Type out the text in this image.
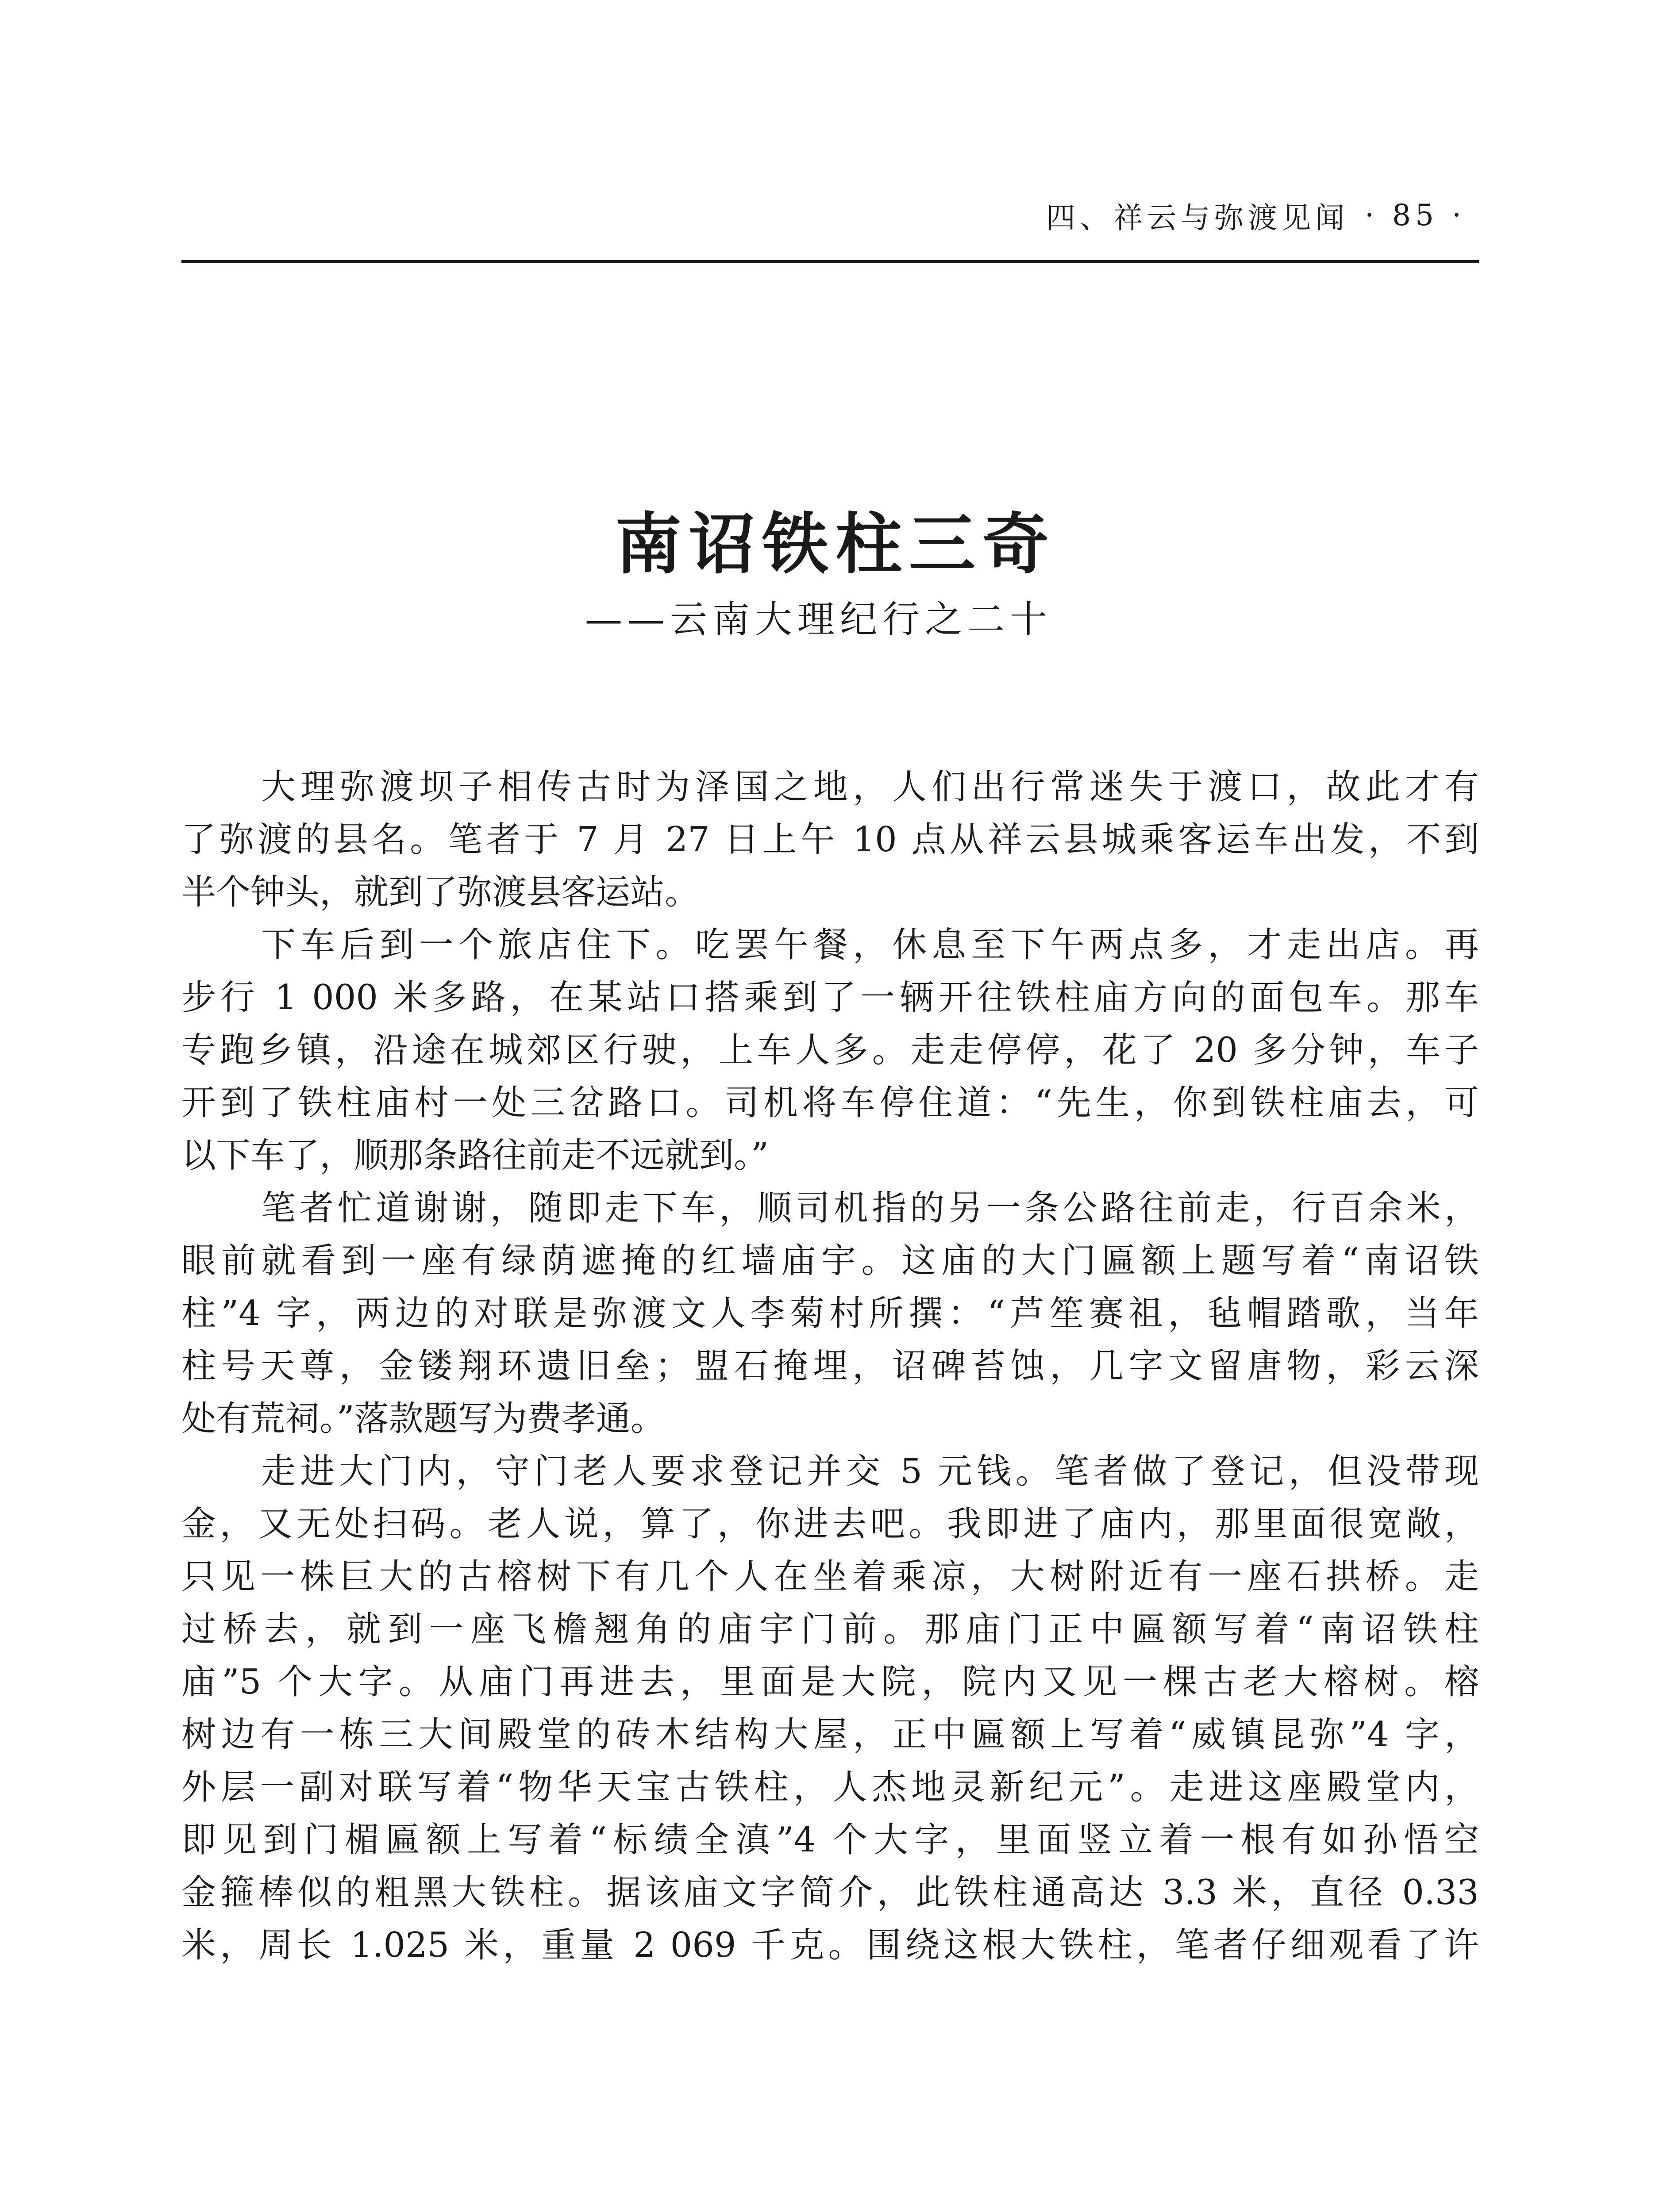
四、祥云与弥渡见闻 · 85 ·
南诏铁柱三奇
——云南大理纪行之二十
大理弥渡坝子相传古时为泽国之地，人们出行常迷失于渡口，故此才有
了弥渡的县名。笔者于 7 月 27 日上午 10 点从祥云县城乘客运车出发，不到
半个钟头，就到了弥渡县客运站。
下车后到一个旅店住下。吃罢午餐，休息至下午两点多，才走出店。再
步行 1 000 米多路，在某站口搭乘到了一辆开往铁柱庙方向的面包车。那车
专跑乡镇，沿途在城郊区行驶，上车人多。走走停停，花了 20 多分钟，车子
开到了铁柱庙村一处三岔路口。司机将车停住道：“先生，你到铁柱庙去，可
以下车了，顺那条路往前走不远就到。”
笔者忙道谢谢，随即走下车，顺司机指的另一条公路往前走，行百余米，
眼前就看到一座有绿荫遮掩的红墙庙宇。这庙的大门匾额上题写着“南诏铁
柱”4 字，两边的对联是弥渡文人李菊村所撰：“芦笙赛祖，毡帽踏歌，当年
柱号天尊，金镂翔环遗旧垒；盟石掩埋，诏碑苔蚀，几字文留唐物，彩云深
处有荒祠。”落款题写为费孝通。
走进大门内，守门老人要求登记并交 5 元钱。笔者做了登记，但没带现
金，又无处扫码。老人说，算了，你进去吧。我即进了庙内，那里面很宽敞，
只见一株巨大的古榕树下有几个人在坐着乘凉，大树附近有一座石拱桥。走
过桥去，就到一座飞檐翘角的庙宇门前。那庙门正中匾额写着“南诏铁柱
庙”5 个大字。从庙门再进去，里面是大院，院内又见一棵古老大榕树。榕
树边有一栋三大间殿堂的砖木结构大屋，正中匾额上写着“威镇昆弥”4 字，
外层一副对联写着“物华天宝古铁柱，人杰地灵新纪元”。走进这座殿堂内，
即见到门楣匾额上写着“标绩全滇”4 个大字，里面竖立着一根有如孙悟空
金箍棒似的粗黑大铁柱。据该庙文字简介，此铁柱通高达 3.3 米，直径 0.33
米，周长 1.025 米，重量 2 069 千克。围绕这根大铁柱，笔者仔细观看了许
